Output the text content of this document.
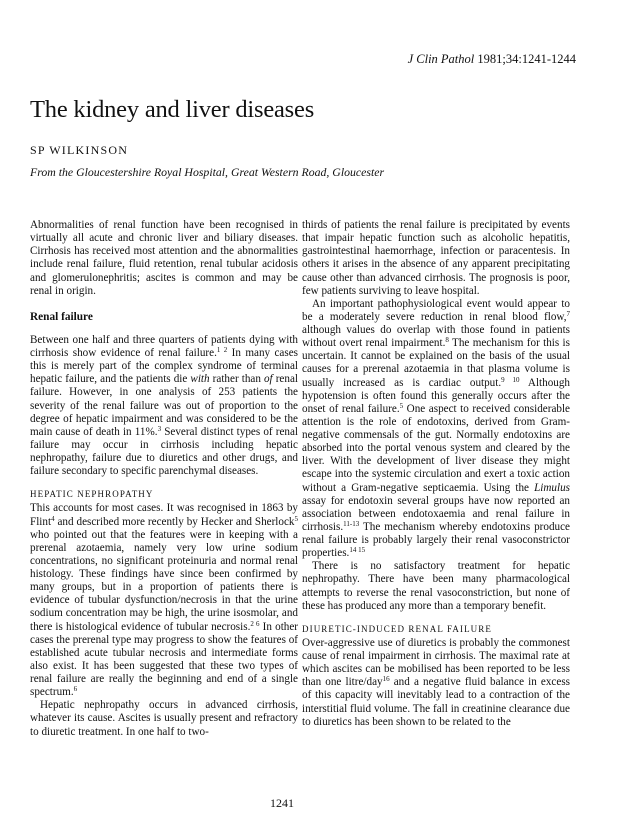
J Clin Pathol 1981;34:1241-1244
The kidney and liver diseases
SP WILKINSON
From the Gloucestershire Royal Hospital, Great Western Road, Gloucester

Abnormalities of renal function have been recognised in virtually all acute and chronic liver and biliary diseases. Cirrhosis has received most attention and the abnormalities include renal failure, fluid retention, renal tubular acidosis and glomerulonephritis; ascites is common and may be renal in origin.

Renal failure

Between one half and three quarters of patients dying with cirrhosis show evidence of renal failure.$^{1 2}$ In many cases this is merely part of the complex syndrome of terminal hepatic failure, and the patients die with rather than of renal failure. However, in one analysis of 253 patients the severity of the renal failure was out of proportion to the degree of hepatic impairment and was considered to be the main cause of death in 11%.$^3$ Several distinct types of renal failure may occur in cirrhosis including hepatic nephropathy, failure due to diuretics and other drugs, and failure secondary to specific parenchymal diseases.

HEPATIC NEPHROPATHY

This accounts for most cases. It was recognised in 1863 by Flint$^4$ and described more recently by Hecker and Sherlock$^5$ who pointed out that the features were in keeping with a prerenal azotaemia, namely very low urine sodium concentrations, no significant proteinuria and normal renal histology. These findings have since been confirmed by many groups, but in a proportion of patients there is evidence of tubular dysfunction/necrosis in that the urine sodium concentration may be high, the urine isosmolar, and there is histological evidence of tubular necrosis.$^{2 6}$ In other cases the prerenal type may progress to show the features of established acute tubular necrosis and intermediate forms also exist. It has been suggested that these two types of renal failure are really the beginning and end of a single spectrum.$^6$

Hepatic nephropathy occurs in advanced cirrhosis, whatever its cause. Ascites is usually present and refractory to diuretic treatment. In one half to two-

thirds of patients the renal failure is precipitated by events that impair hepatic function such as alcoholic hepatitis, gastrointestinal haemorrhage, infection or paracentesis. In others it arises in the absence of any apparent precipitating cause other than advanced cirrhosis. The prognosis is poor, few patients surviving to leave hospital.

An important pathophysiological event would appear to be a moderately severe reduction in renal blood flow,$^7$ although values do overlap with those found in patients without overt renal impairment.$^8$ The mechanism for this is uncertain. It cannot be explained on the basis of the usual causes for a prerenal azotaemia in that plasma volume is usually increased as is cardiac output.$^{9 10}$ Although hypotension is often found this generally occurs after the onset of renal failure.$^5$ One aspect to received considerable attention is the role of endotoxins, derived from Gram-negative commensals of the gut. Normally endotoxins are absorbed into the portal venous system and cleared by the liver. With the development of liver disease they might escape into the systemic circulation and exert a toxic action without a Gram-negative septicaemia. Using the Limulus assay for endotoxin several groups have now reported an association between endotoxaemia and renal failure in cirrhosis.$^{11-13}$ The mechanism whereby endotoxins produce renal failure is probably largely their renal vasoconstrictor properties.$^{14 15}$

There is no satisfactory treatment for hepatic nephropathy. There have been many pharmacological attempts to reverse the renal vasoconstriction, but none of these has produced any more than a temporary benefit.

DIURETIC-INDUCED RENAL FAILURE

Over-aggressive use of diuretics is probably the commonest cause of renal impairment in cirrhosis. The maximal rate at which ascites can be mobilised has been reported to be less than one litre/day$^{16}$ and a negative fluid balance in excess of this capacity will inevitably lead to a contraction of the interstitial fluid volume. The fall in creatinine clearance due to diuretics has been shown to be related to the

1241
